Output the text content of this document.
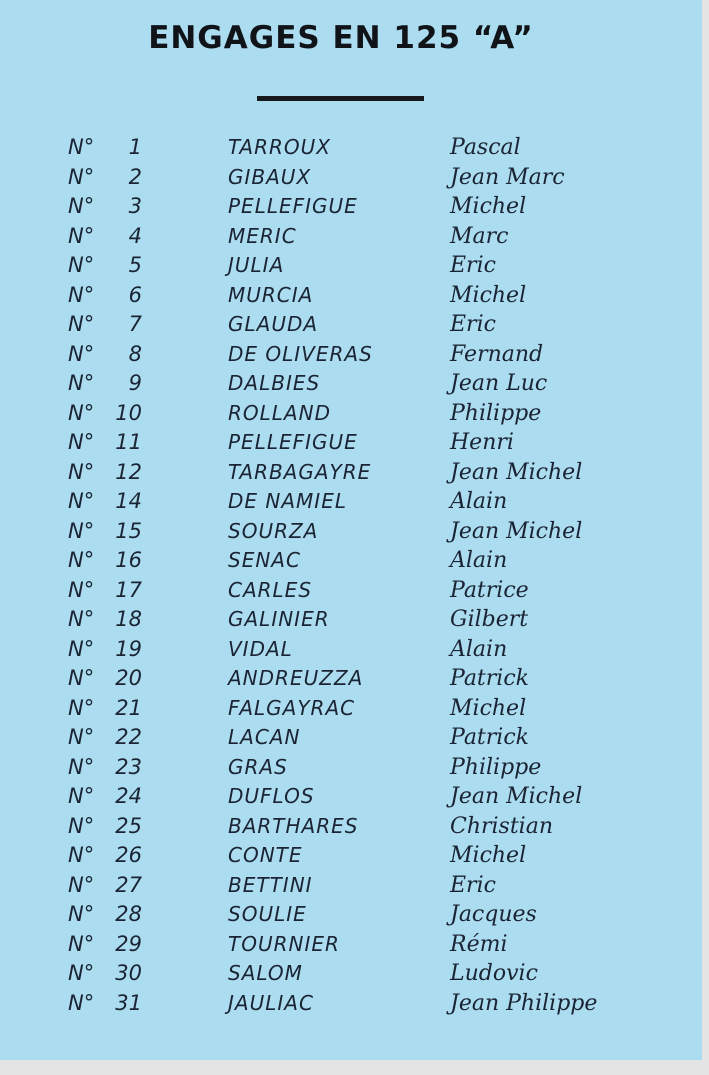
ENGAGES EN 125 “A”
N°	1	TARROUX	Pascal
N°	2	GIBAUX	Jean Marc
N°	3	PELLEFIGUE	Michel
N°	4	MERIC	Marc
N°	5	JULIA	Eric
N°	6	MURCIA	Michel
N°	7	GLAUDA	Eric
N°	8	DE OLIVERAS	Fernand
N°	9	DALBIES	Jean Luc
N°	10	ROLLAND	Philippe
N°	11	PELLEFIGUE	Henri
N°	12	TARBAGAYRE	Jean Michel
N°	14	DE NAMIEL	Alain
N°	15	SOURZA	Jean Michel
N°	16	SENAC	Alain
N°	17	CARLES	Patrice
N°	18	GALINIER	Gilbert
N°	19	VIDAL	Alain
N°	20	ANDREUZZA	Patrick
N°	21	FALGAYRAC	Michel
N°	22	LACAN	Patrick
N°	23	GRAS	Philippe
N°	24	DUFLOS	Jean Michel
N°	25	BARTHARES	Christian
N°	26	CONTE	Michel
N°	27	BETTINI	Eric
N°	28	SOULIE	Jacques
N°	29	TOURNIER	Rémi
N°	30	SALOM	Ludovic
N°	31	JAULIAC	Jean Philippe
